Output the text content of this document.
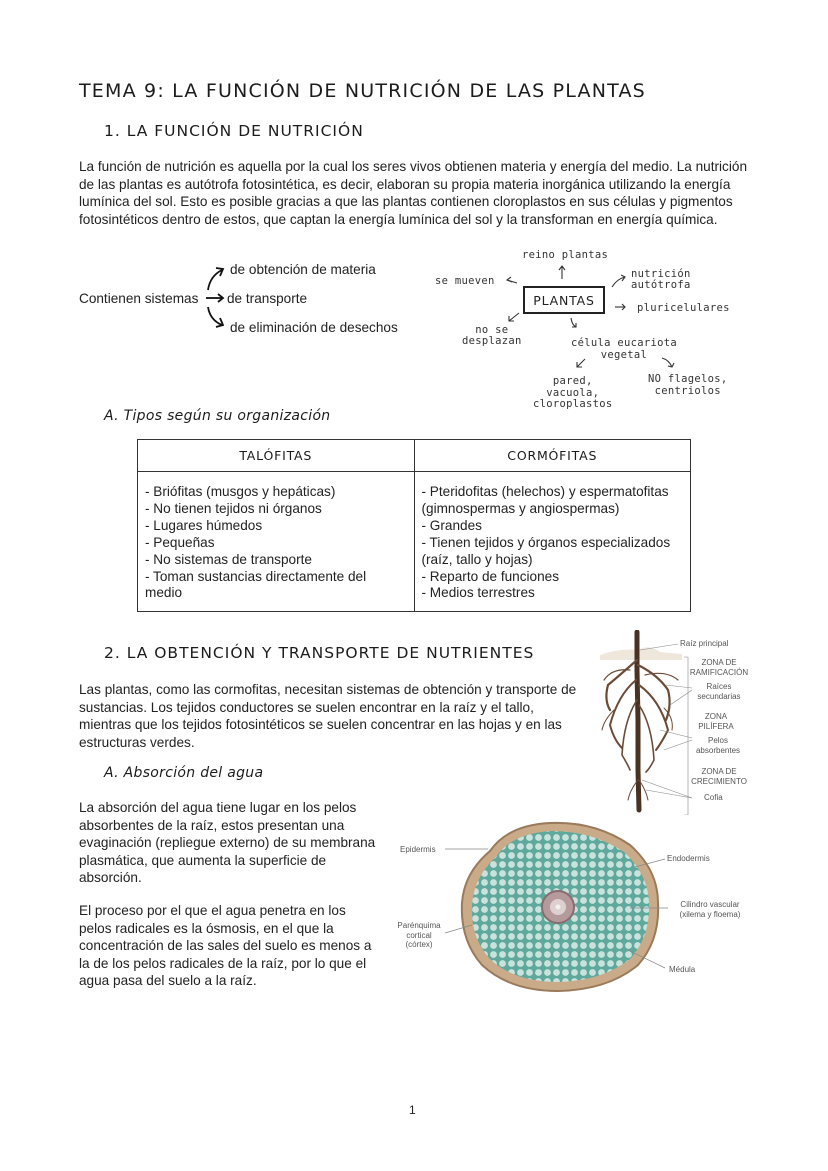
TEMA 9: LA FUNCIÓN DE NUTRICIÓN DE LAS PLANTAS
1. LA FUNCIÓN DE NUTRICIÓN
La función de nutrición es aquella por la cual los seres vivos obtienen materia y energía del medio. La nutrición de las plantas es autótrofa fotosintética, es decir, elaboran su propia materia inorgánica utilizando la energía lumínica del sol. Esto es posible gracias a que las plantas contienen cloroplastos en sus células y pigmentos fotosintéticos dentro de estos, que captan la energía lumínica del sol y la transforman en energía química.
Contienen sistemas
de obtención de materia
de transporte
de eliminación de desechos
PLANTAS
reino plantas
se mueven
nutrición
autótrofa
pluricelulares
no se
desplazan	célula eucariota
vegetal
pared,
vacuola,
cloroplastos
NO flagelos,
centriolos
A. Tipos según su organización
TALÓFITAS	CORMÓFITAS

- Briófitas (musgos y hepáticas)
- No tienen tejidos ni órganos
- Lugares húmedos
- Pequeñas
- No sistemas de transporte
- Toman sustancias directamente del
medio

- Pteridofitas (helechos) y espermatofitas
(gimnospermas y angiospermas)
- Grandes
- Tienen tejidos y órganos especializados
(raíz, tallo y hojas)
- Reparto de funciones
- Medios terrestres
2. LA OBTENCIÓN Y TRANSPORTE DE NUTRIENTES
Las plantas, como las cormofitas, necesitan sistemas de obtención y transporte de sustancias. Los tejidos conductores se suelen encontrar en la raíz y el tallo, mientras que los tejidos fotosintéticos se suelen concentrar en las hojas y en las estructuras verdes.
Raíz principal
ZONA DE RAMIFICACIÓN
Raíces secundarias
ZONA PILÍFERA
Pelos absorbentes
ZONA DE CRECIMIENTO
Cofia
A. Absorción del agua
La absorción del agua tiene lugar en los pelos absorbentes de la raíz, estos presentan una evaginación (repliegue externo) de su membrana plasmática, que aumenta la superficie de absorción.
El proceso por el que el agua penetra en los pelos radicales es la ósmosis, en el que la concentración de las sales del suelo es menos a la de los pelos radicales de la raíz, por lo que el agua pasa del suelo a la raíz.
Epidermis
Endodermis
Cilindro vascular (xilema y floema)
Parénquima cortical (córtex)
Médula
1
